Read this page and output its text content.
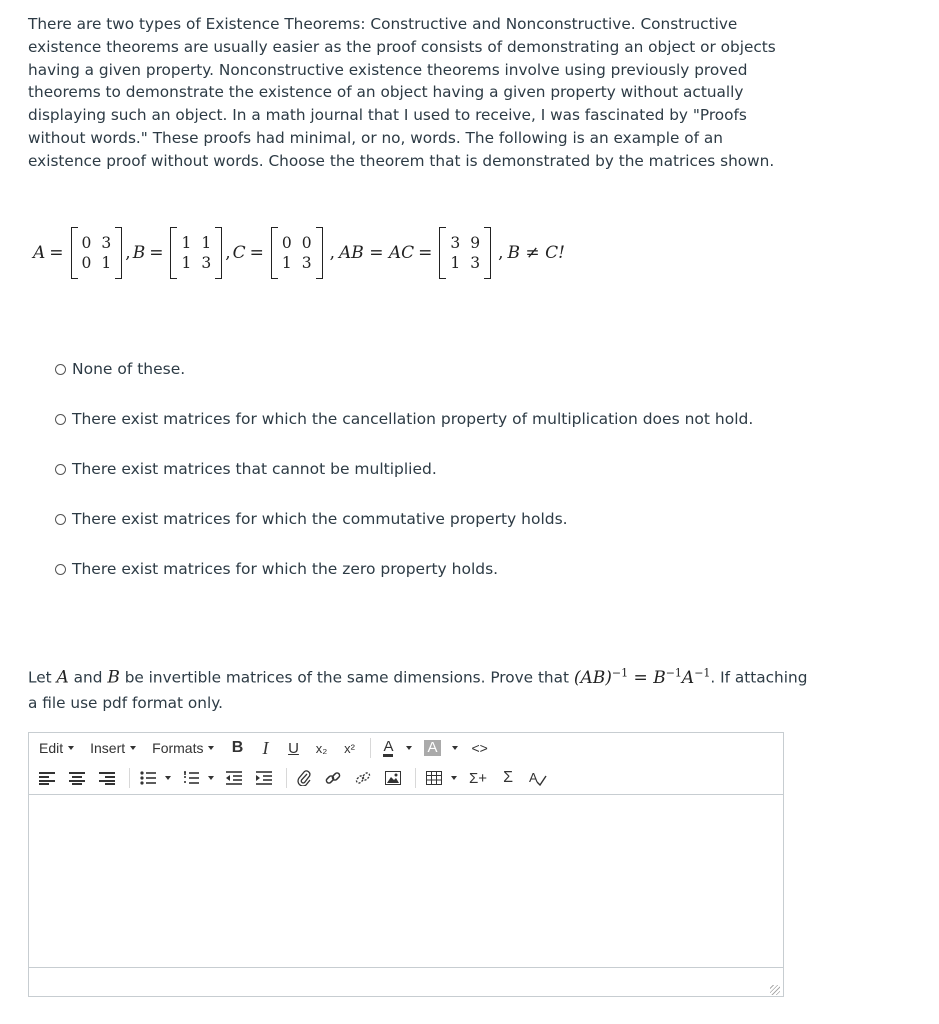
There are two types of Existence Theorems: Constructive and Nonconstructive. Constructive existence theorems are usually easier as the proof consists of demonstrating an object or objects having a given property. Nonconstructive existence theorems involve using previously proved theorems to demonstrate the existence of an object having a given property without actually displaying such an object. In a math journal that I used to receive, I was fascinated by "Proofs without words." These proofs had minimal, or no, words. The following is an example of an existence proof without words. Choose the theorem that is demonstrated by the matrices shown.
A = 0 3
0 1 , B = 1 1
1 3 , C = 0 0
1 3 , AB = AC = 3 9
1 3 , B ≠ C!
None of these.
There exist matrices for which the cancellation property of multiplication does not hold.
There exist matrices that cannot be multiplied.
There exist matrices for which the commutative property holds.
There exist matrices for which the zero property holds.
Let A and B be invertible matrices of the same dimensions. Prove that $(AB)^{-1} = B^{-1}A^{-1}$. If attaching a file use pdf format only.
Edit Insert Formats B I U x₂ x² A A <>
Σ+ Σ A
